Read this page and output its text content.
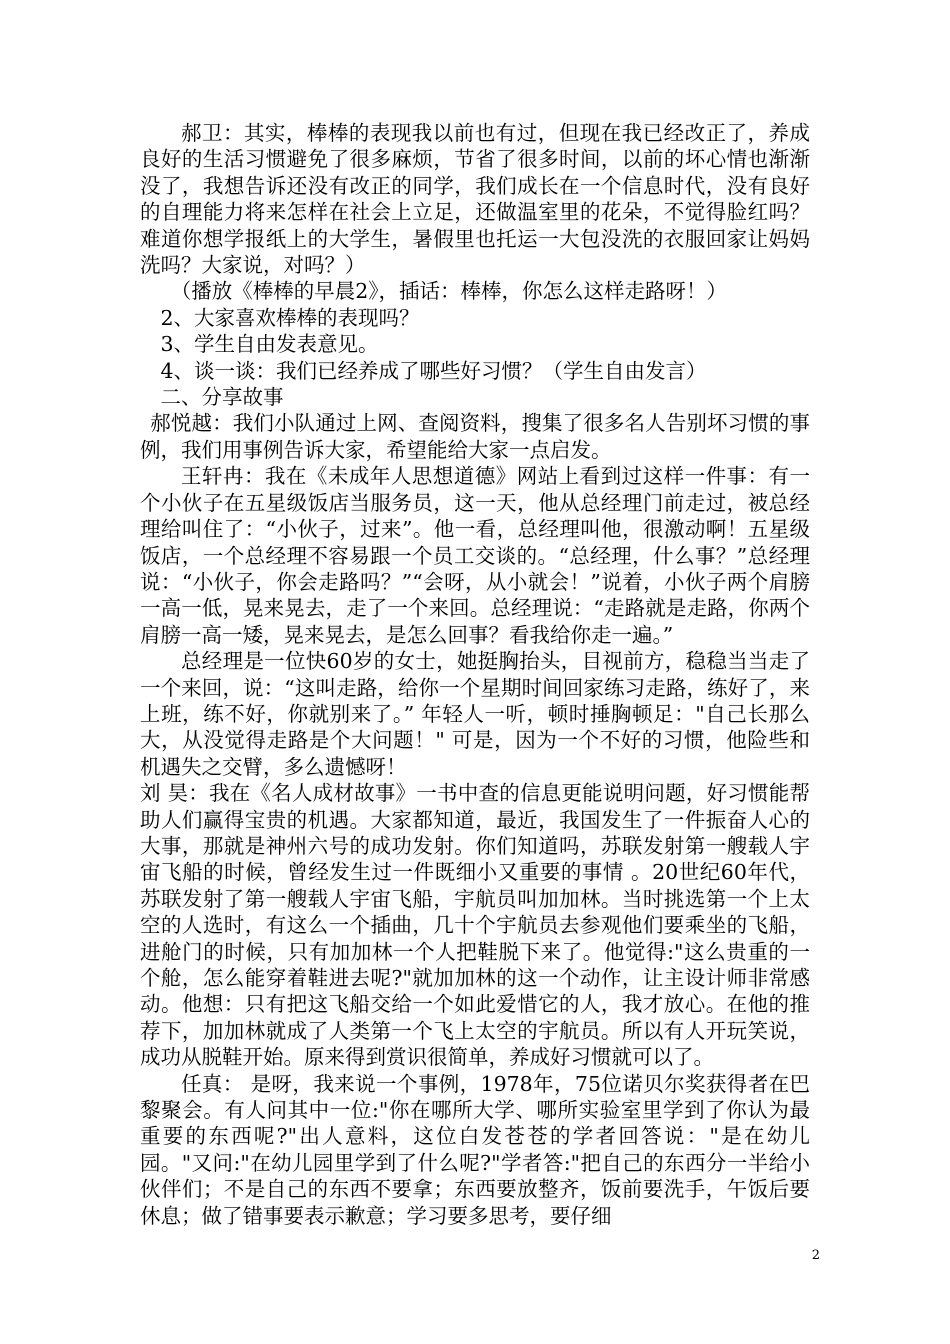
郝卫：其实，棒棒的表现我以前也有过，但现在我已经改正了，养成良好的生活习惯避免了很多麻烦，节省了很多时间，以前的坏心情也渐渐没了，我想告诉还没有改正的同学，我们成长在一个信息时代，没有良好的自理能力将来怎样在社会上立足，还做温室里的花朵，不觉得脸红吗？难道你想学报纸上的大学生，暑假里也托运一大包没洗的衣服回家让妈妈洗吗？大家说，对吗？）

（播放《棒棒的早晨2》，插话：棒棒，你怎么这样走路呀！）

2、大家喜欢棒棒的表现吗？

3、学生自由发表意见。

4、谈一谈：我们已经养成了哪些好习惯？（学生自由发言）

二、分享故事

郝悦越：我们小队通过上网、查阅资料，搜集了很多名人告别坏习惯的事例，我们用事例告诉大家，希望能给大家一点启发。

王轩冉：我在《未成年人思想道德》网站上看到过这样一件事：有一个小伙子在五星级饭店当服务员，这一天，他从总经理门前走过，被总经理给叫住了：“小伙子，过来”。他一看，总经理叫他，很激动啊！五星级饭店，一个总经理不容易跟一个员工交谈的。“总经理，什么事？”总经理说：“小伙子，你会走路吗？”“会呀，从小就会！”说着，小伙子两个肩膀一高一低，晃来晃去，走了一个来回。总经理说：“走路就是走路，你两个肩膀一高一矮，晃来晃去，是怎么回事？看我给你走一遍。”

总经理是一位快60岁的女士，她挺胸抬头，目视前方，稳稳当当走了一个来回，说：“这叫走路，给你一个星期时间回家练习走路，练好了，来上班，练不好，你就别来了。” 年轻人一听，顿时捶胸顿足："自己长那么大，从没觉得走路是个大问题！" 可是，因为一个不好的习惯，他险些和机遇失之交臂，多么遗憾呀！

刘 昊：我在《名人成材故事》一书中查的信息更能说明问题，好习惯能帮助人们赢得宝贵的机遇。大家都知道，最近，我国发生了一件振奋人心的大事，那就是神州六号的成功发射。你们知道吗，苏联发射第一艘载人宇宙飞船的时候，曾经发生过一件既细小又重要的事情 。20世纪60年代，苏联发射了第一艘载人宇宙飞船，宇航员叫加加林。当时挑选第一个上太空的人选时，有这么一个插曲，几十个宇航员去参观他们要乘坐的飞船，进舱门的时候，只有加加林一个人把鞋脱下来了。他觉得:"这么贵重的一个舱，怎么能穿着鞋进去呢?"就加加林的这一个动作，让主设计师非常感动。他想：只有把这飞船交给一个如此爱惜它的人，我才放心。在他的推荐下，加加林就成了人类第一个飞上太空的宇航员。所以有人开玩笑说，成功从脱鞋开始。原来得到赏识很简单，养成好习惯就可以了。

任真： 是呀，我来说一个事例，1978年，75位诺贝尔奖获得者在巴黎聚会。有人问其中一位:"你在哪所大学、哪所实验室里学到了你认为最重要的东西呢?"出人意料，这位白发苍苍的学者回答说："是在幼儿园。"又问:"在幼儿园里学到了什么呢?"学者答:"把自己的东西分一半给小伙伴们；不是自己的东西不要拿；东西要放整齐，饭前要洗手，午饭后要休息；做了错事要表示歉意；学习要多思考，要仔细

2
